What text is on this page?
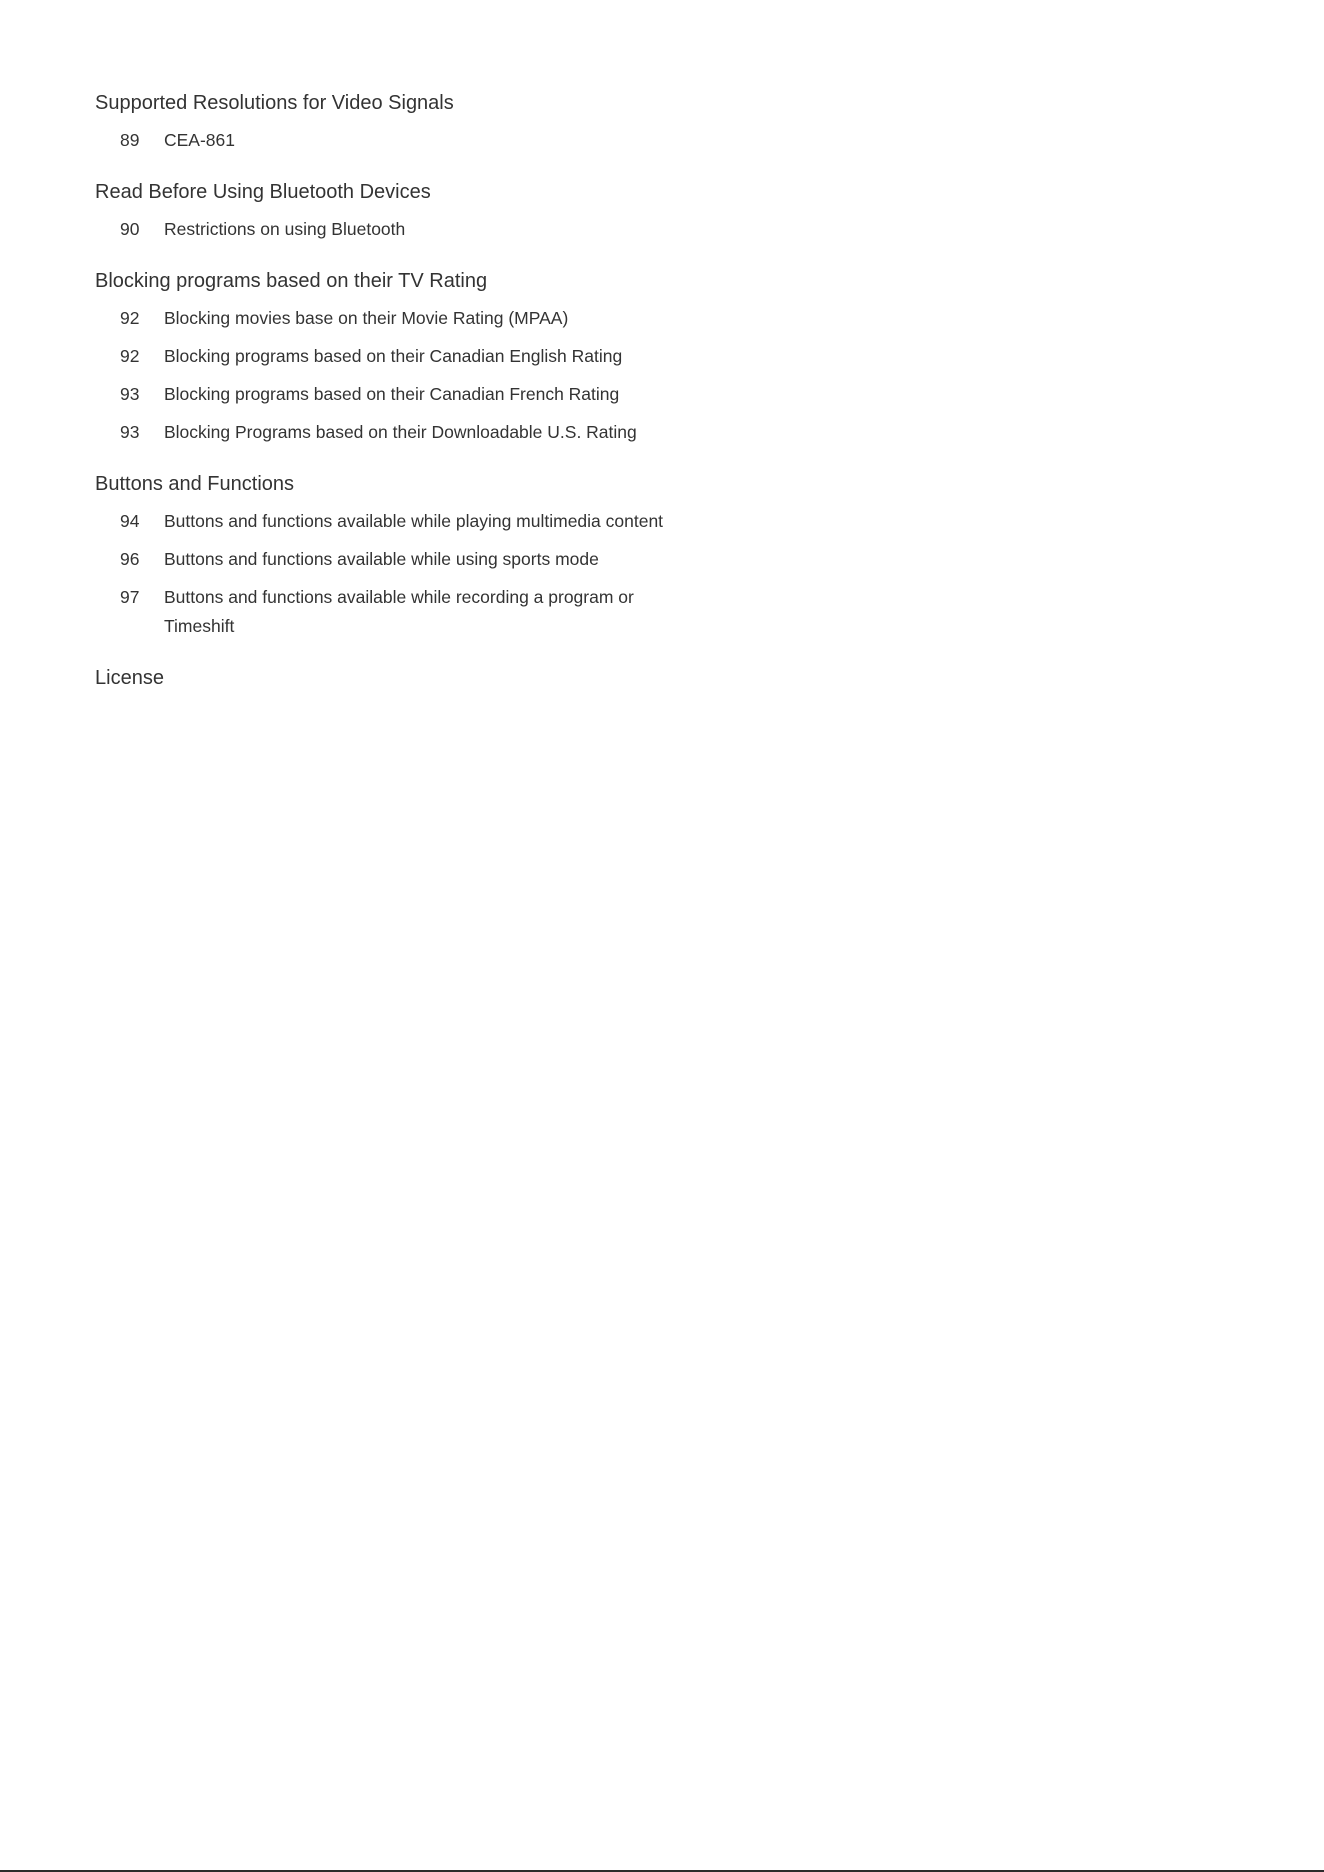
Supported Resolutions for Video Signals
89	CEA-861
Read Before Using Bluetooth Devices
90	Restrictions on using Bluetooth
Blocking programs based on their TV Rating
92	Blocking movies base on their Movie Rating (MPAA)
92	Blocking programs based on their Canadian English Rating
93	Blocking programs based on their Canadian French Rating
93	Blocking Programs based on their Downloadable U.S. Rating
Buttons and Functions
94	Buttons and functions available while playing multimedia content
96	Buttons and functions available while using sports mode
97	Buttons and functions available while recording a program or Timeshift
License
